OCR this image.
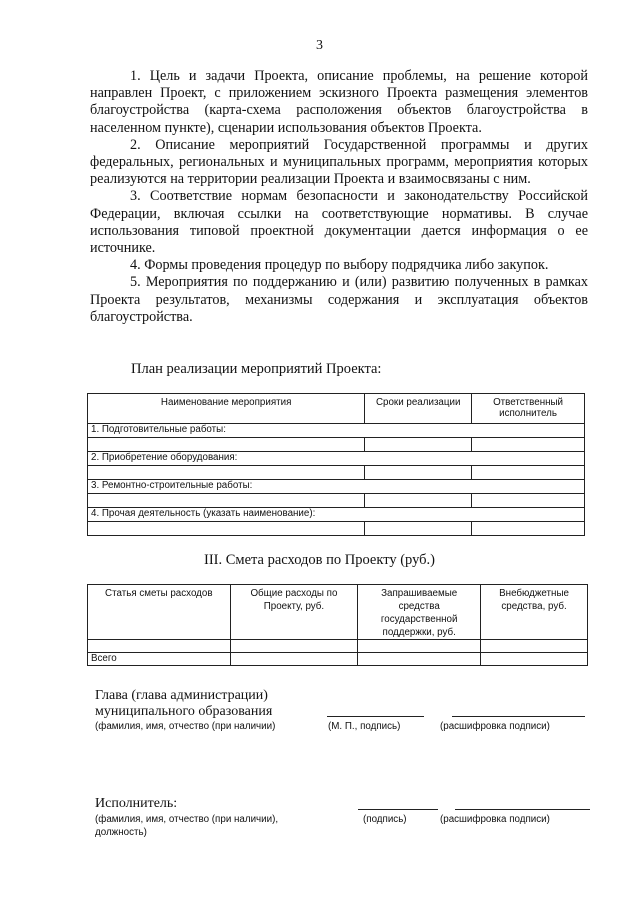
3

1. Цель и задачи Проекта, описание проблемы, на решение которой направлен Проект, с приложением эскизного Проекта размещения элементов благоустройства (карта-схема расположения объектов благоустройства в населенном пункте), сценарии использования объектов Проекта.

2. Описание мероприятий Государственной программы и других федеральных, региональных и муниципальных программ, мероприятия которых реализуются на территории реализации Проекта и взаимосвязаны с ним.

3. Соответствие нормам безопасности и законодательству Российской Федерации, включая ссылки на соответствующие нормативы. В случае использования типовой проектной документации дается информация о ее источнике.

4. Формы проведения процедур по выбору подрядчика либо закупок.

5. Мероприятия по поддержанию и (или) развитию полученных в рамках Проекта результатов, механизмы содержания и эксплуатация объектов благоустройства.

План реализации мероприятий Проекта:
Наименование мероприятия	Сроки реализации	Ответственный исполнитель
1. Подготовительные работы:		

2. Приобретение оборудования:		

3. Ремонтно-строительные работы:		

4. Прочая деятельность (указать наименование):		

III. Смета расходов по Проекту (руб.)
Статья сметы расходов	Общие расходы по Проекту, руб.	Запрашиваемые средства государственной поддержки, руб.	Внебюджетные средства, руб.

Всего			
Глава (глава администрации)
муниципального образования
(фамилия, имя, отчество (при наличии)	(М. П., подпись)	(расшифровка подписи)
Исполнитель:
(фамилия, имя, отчество (при наличии),
должность)
(подпись)	(расшифровка подписи)
